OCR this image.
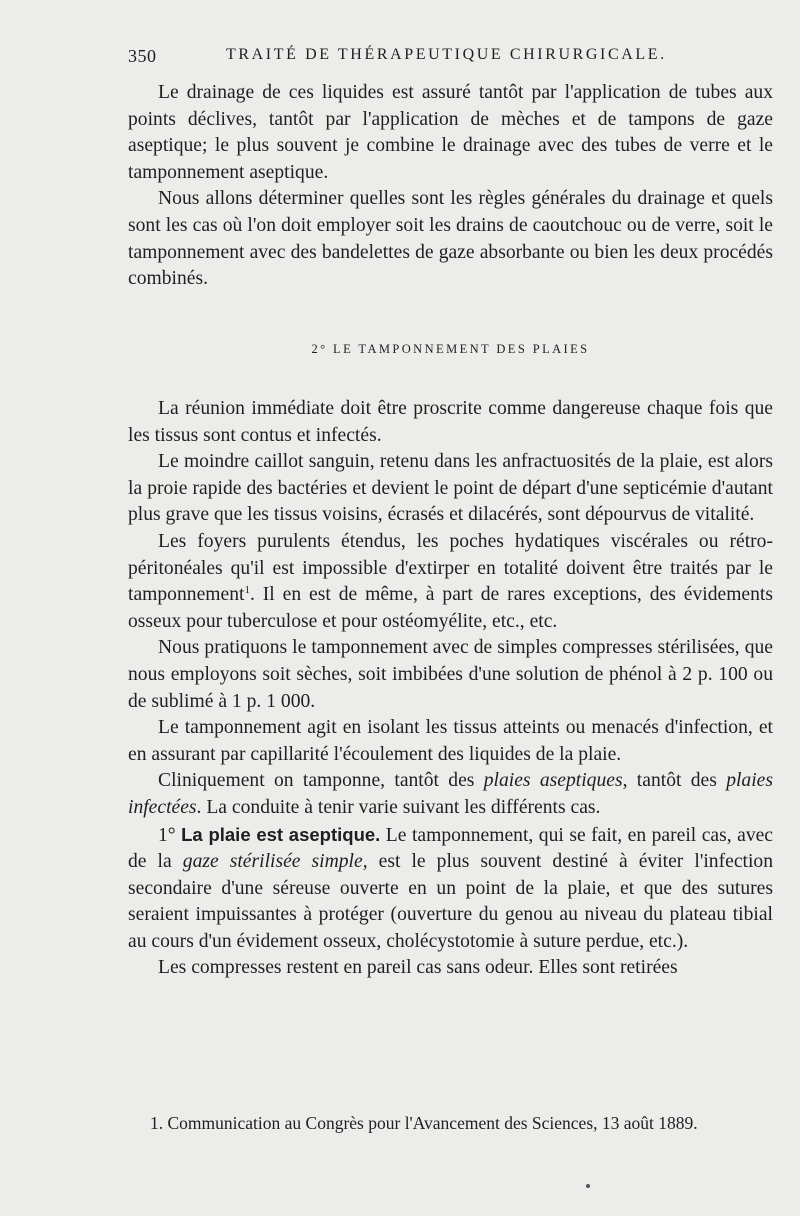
350	TRAITÉ DE THÉRAPEUTIQUE CHIRURGICALE.

Le drainage de ces liquides est assuré tantôt par l'application de tubes aux points déclives, tantôt par l'application de mèches et de tampons de gaze aseptique; le plus souvent je combine le drainage avec des tubes de verre et le tamponnement aseptique.

Nous allons déterminer quelles sont les règles générales du drainage et quels sont les cas où l'on doit employer soit les drains de caoutchouc ou de verre, soit le tamponnement avec des bandelettes de gaze absorbante ou bien les deux procédés combinés.

2° LE TAMPONNEMENT DES PLAIES

La réunion immédiate doit être proscrite comme dangereuse chaque fois que les tissus sont contus et infectés.

Le moindre caillot sanguin, retenu dans les anfractuosités de la plaie, est alors la proie rapide des bactéries et devient le point de départ d'une septicémie d'autant plus grave que les tissus voisins, écrasés et dilacérés, sont dépourvus de vitalité.

Les foyers purulents étendus, les poches hydatiques viscérales ou rétro-péritonéales qu'il est impossible d'extirper en totalité doivent être traités par le tamponnement$^1$. Il en est de même, à part de rares exceptions, des évidements osseux pour tuberculose et pour ostéomyélite, etc., etc.

Nous pratiquons le tamponnement avec de simples compresses stérilisées, que nous employons soit sèches, soit imbibées d'une solution de phénol à 2 p. 100 ou de sublimé à 1 p. 1 000.

Le tamponnement agit en isolant les tissus atteints ou menacés d'infection, et en assurant par capillarité l'écoulement des liquides de la plaie.

Cliniquement on tamponne, tantôt des plaies aseptiques, tantôt des plaies infectées. La conduite à tenir varie suivant les différents cas.

1° La plaie est aseptique. Le tamponnement, qui se fait, en pareil cas, avec de la gaze stérilisée simple, est le plus souvent destiné à éviter l'infection secondaire d'une séreuse ouverte en un point de la plaie, et que des sutures seraient impuissantes à protéger (ouverture du genou au niveau du plateau tibial au cours d'un évidement osseux, cholécystotomie à suture perdue, etc.).

Les compresses restent en pareil cas sans odeur. Elles sont retirées

1. Communication au Congrès pour l'Avancement des Sciences, 13 août 1889.
